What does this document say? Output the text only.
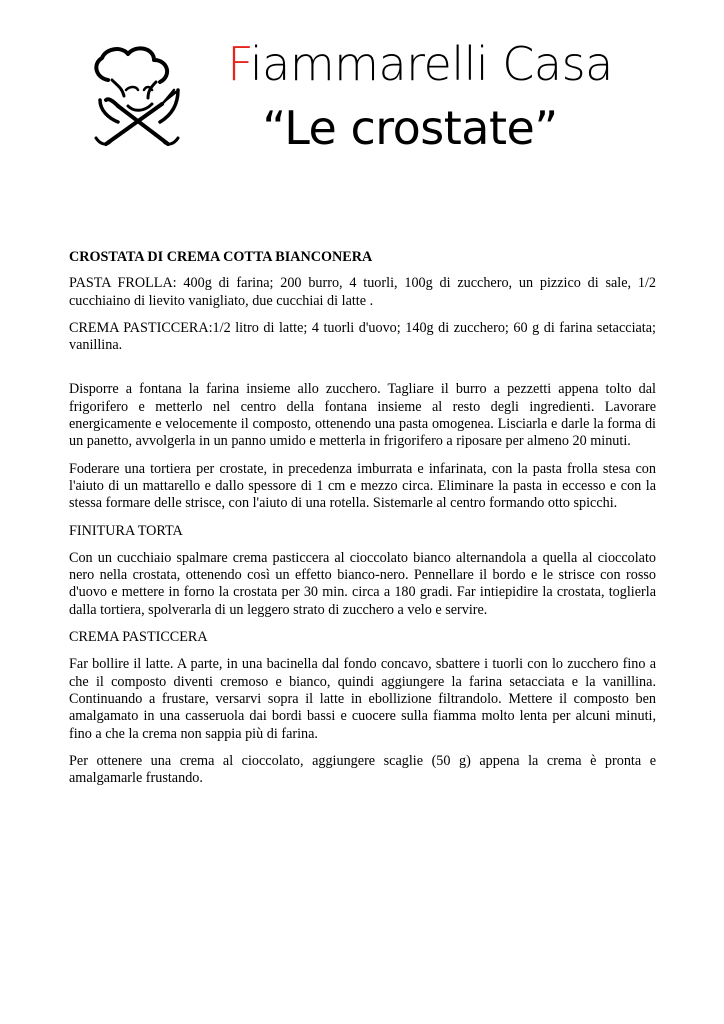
Fiammarelli Casa
“Le crostate”

CROSTATA DI CREMA COTTA BIANCONERA

PASTA FROLLA: 400g di farina; 200 burro, 4 tuorli, 100g di zucchero, un pizzico di sale, 1/2 cucchiaino di lievito vanigliato, due cucchiai di latte .

CREMA PASTICCERA:1/2 litro di latte; 4 tuorli d'uovo; 140g di zucchero; 60 g di farina setacciata; vanillina.

Disporre a fontana la farina insieme allo zucchero. Tagliare il burro a pezzetti appena tolto dal frigorifero e metterlo nel centro della fontana insieme al resto degli ingredienti. Lavorare energicamente e velocemente il composto, ottenendo una pasta omogenea. Lisciarla e darle la forma di un panetto, avvolgerla in un panno umido e metterla in frigorifero a riposare per almeno 20 minuti.

Foderare una tortiera per crostate, in precedenza imburrata e infarinata, con la pasta frolla stesa con l'aiuto di un mattarello e dallo spessore di 1 cm e mezzo circa. Eliminare la pasta in eccesso e con la stessa formare delle strisce, con l'aiuto di una rotella. Sistemarle al centro formando otto spicchi.

FINITURA TORTA

Con un cucchiaio spalmare crema pasticcera al cioccolato bianco alternandola a quella al cioccolato nero nella crostata, ottenendo così un effetto bianco-nero. Pennellare il bordo e le strisce con rosso d'uovo e mettere in forno la crostata per 30 min. circa a 180 gradi. Far intiepidire la crostata, toglierla dalla tortiera, spolverarla di un leggero strato di zucchero a velo e servire.

CREMA PASTICCERA

Far bollire il latte. A parte, in una bacinella dal fondo concavo, sbattere i tuorli con lo zucchero fino a che il composto diventi cremoso e bianco, quindi aggiungere la farina setacciata e la vanillina. Continuando a frustare, versarvi sopra il latte in ebollizione filtrandolo. Mettere il composto ben amalgamato in una casseruola dai bordi bassi e cuocere sulla fiamma molto lenta per alcuni minuti, fino a che la crema non sappia più di farina.

Per ottenere una crema al cioccolato, aggiungere scaglie (50 g) appena la crema è pronta e amalgamarle frustando.
